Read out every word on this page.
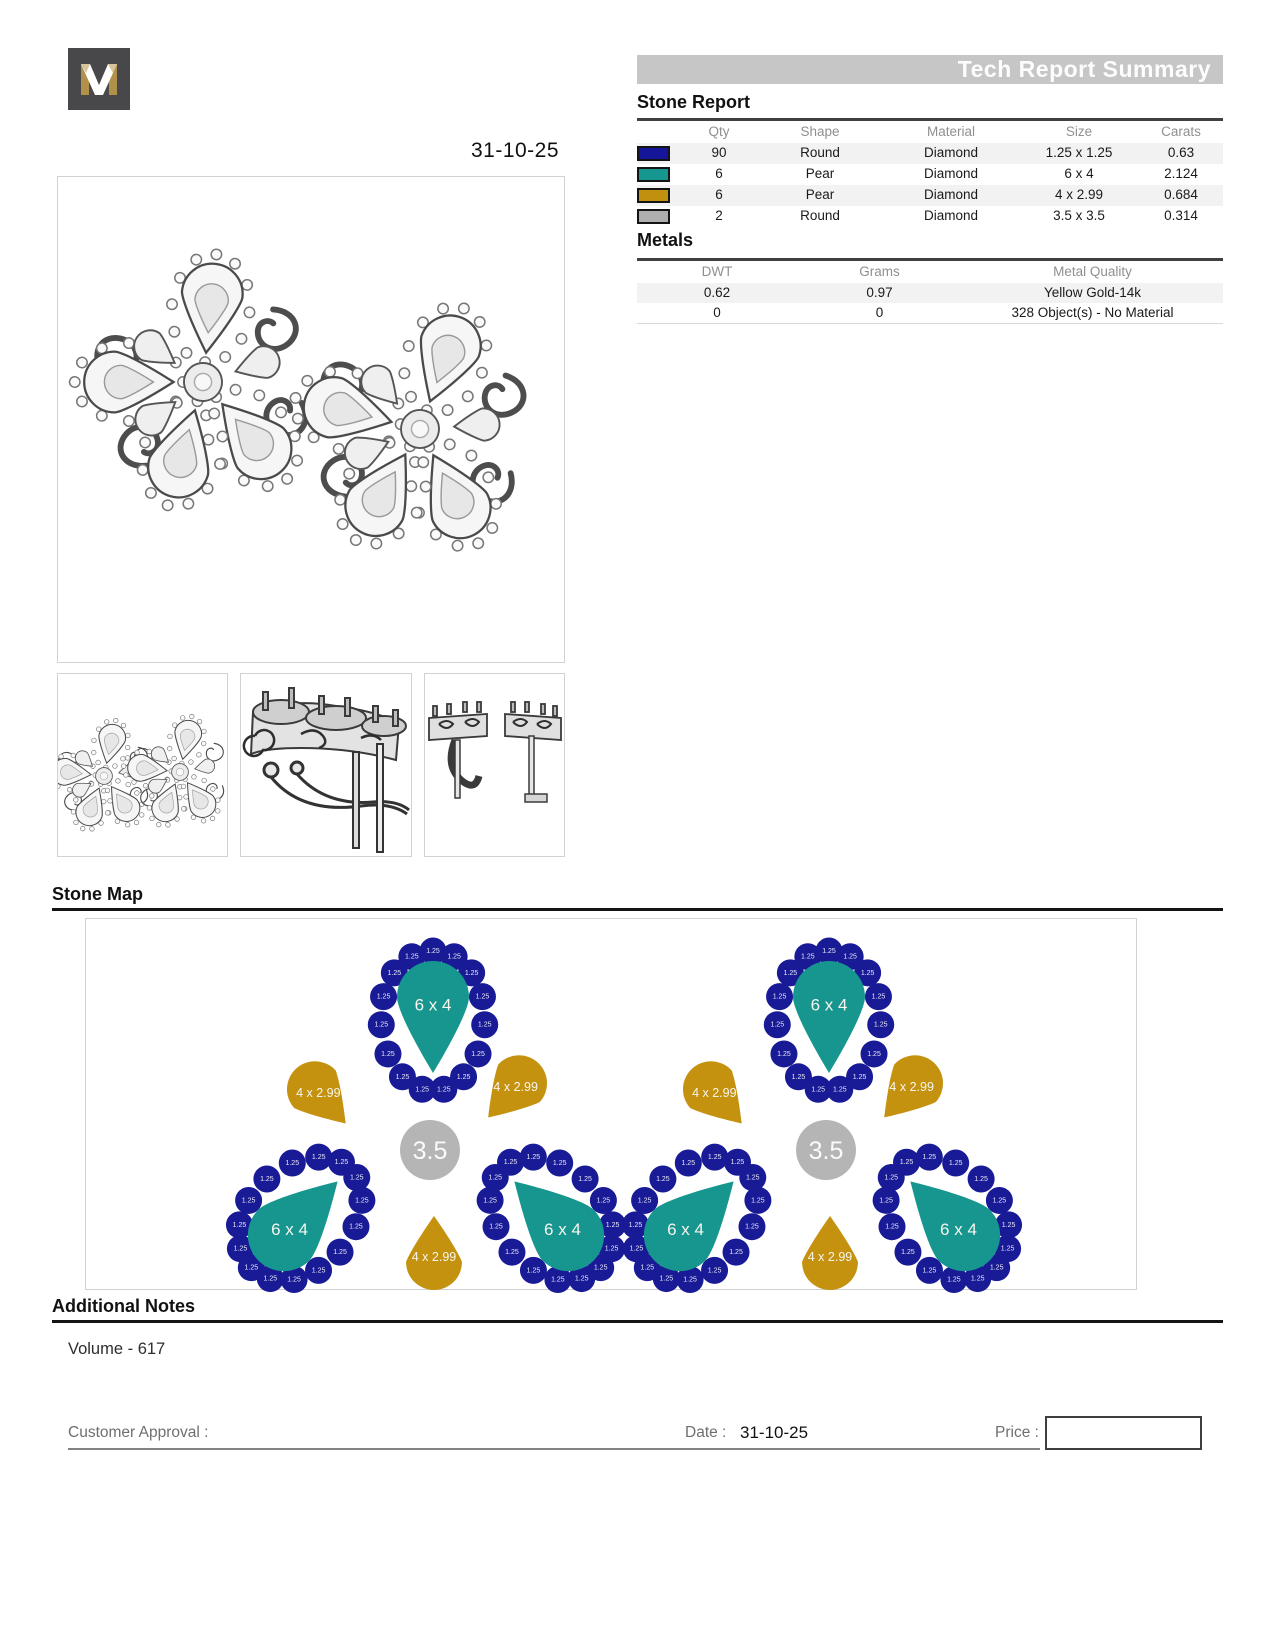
31-10-25
Tech Report Summary
Stone Report
	Qty	Shape	Material	Size	Carats
	90	Round	Diamond	1.25 x 1.25	0.63
	6	Pear	Diamond	6 x 4	2.124
	6	Pear	Diamond	4 x 2.99	0.684
	2	Round	Diamond	3.5 x 3.5	0.314
Metals
DWT	Grams	Metal Quality
0.62	0.97	Yellow Gold-14k
0	0	328 Object(s) - No Material
Stone Map
1.25
1.25
1.25
1.25
1.25
1.25
1.25
1.25
1.25
1.25
1.25
1.25
1.25
1.25
1.25
6 x 4
4 x 2.99	4 x 2.99
1.25
1.25
1.25
1.25
1.25
1.25
1.25
1.25
1.25
1.25
1.25
1.25
1.25
1.25
1.25
6 x 4
1.25
1.25
1.25
1.25
1.25
1.25
1.25
1.25
1.25
1.25
1.25
1.25
1.25
1.25
1.25
6 x 4
4 x 2.99
3.5
1.25
1.25
1.25
1.25
1.25
1.25
1.25
1.25
1.25
1.25
1.25
1.25
1.25
1.25
1.25
6 x 4
4 x 2.99	4 x 2.99
1.25
1.25
1.25
1.25
1.25
1.25
1.25
1.25
1.25
1.25
1.25
1.25
1.25
1.25
1.25
6 x 4
1.25
1.25
1.25
1.25
1.25
1.25
1.25
1.25
1.25
1.25
1.25
1.25
1.25
1.25
1.25
6 x 4
4 x 2.99
3.5
Additional Notes
Volume - 617
Customer Approval :	Date : 31-10-25	Price :
